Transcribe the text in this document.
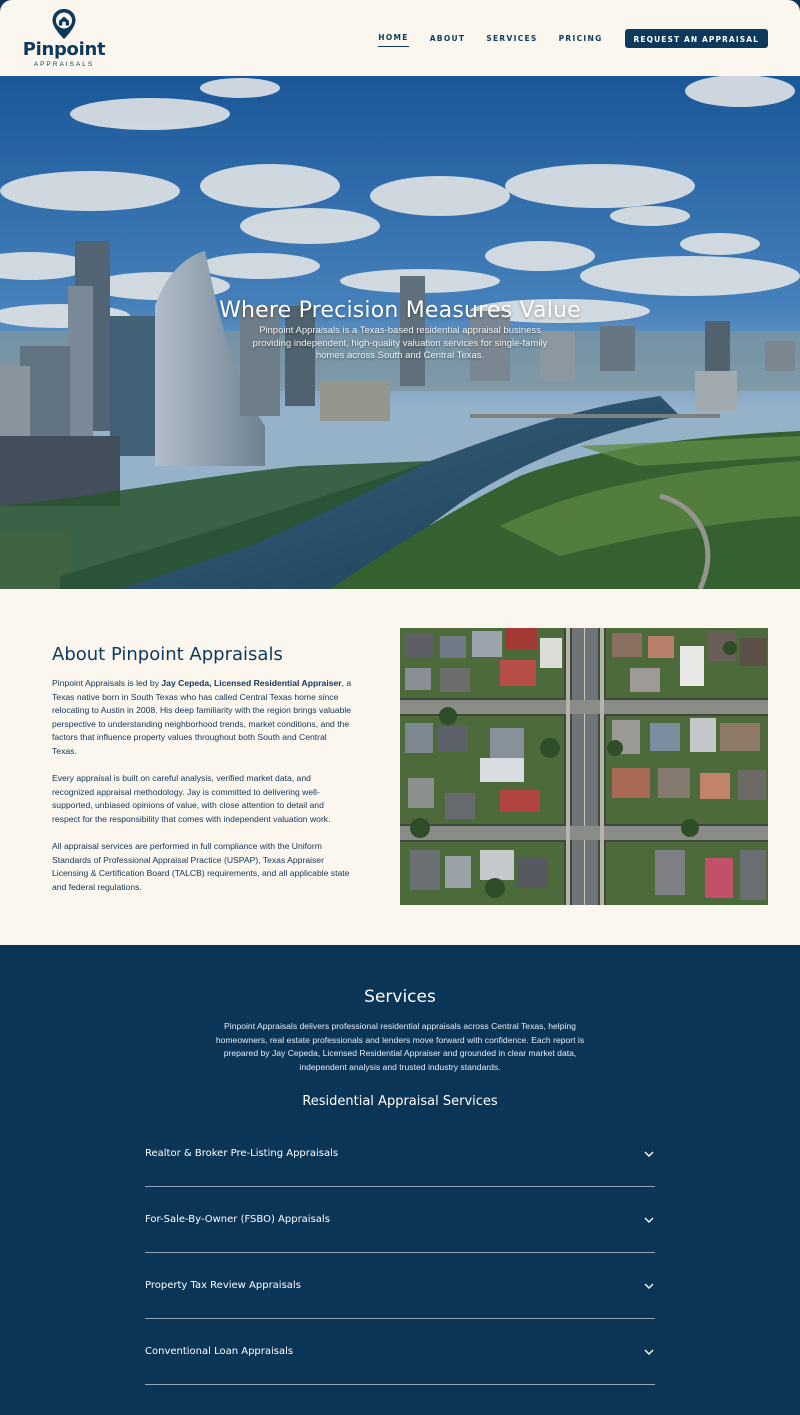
Pinpoint
APPRAISALS
HOME	ABOUT	SERVICES	PRICING	REQUEST AN APPRAISAL
Where Precision Measures Value

Pinpoint Appraisals is a Texas-based residential appraisal business providing independent, high-quality valuation services for single-family homes across South and Central Texas.

About Pinpoint Appraisals

Pinpoint Appraisals is led by Jay Cepeda, Licensed Residential Appraiser, a Texas native born in South Texas who has called Central Texas home since relocating to Austin in 2008. His deep familiarity with the region brings valuable perspective to understanding neighborhood trends, market conditions, and the factors that influence property values throughout both South and Central Texas.

Every appraisal is built on careful analysis, verified market data, and recognized appraisal methodology. Jay is committed to delivering well-supported, unbiased opinions of value, with close attention to detail and respect for the responsibility that comes with independent valuation work.

All appraisal services are performed in full compliance with the Uniform Standards of Professional Appraisal Practice (USPAP), Texas Appraiser Licensing & Certification Board (TALCB) requirements, and all applicable state and federal regulations.

Services

Pinpoint Appraisals delivers professional residential appraisals across Central Texas, helping homeowners, real estate professionals and lenders move forward with confidence. Each report is prepared by Jay Cepeda, Licensed Residential Appraiser and grounded in clear market data, independent analysis and trusted industry standards.

Residential Appraisal Services
Realtor & Broker Pre-Listing Appraisals
For-Sale-By-Owner (FSBO) Appraisals
Property Tax Review Appraisals
Conventional Loan Appraisals
